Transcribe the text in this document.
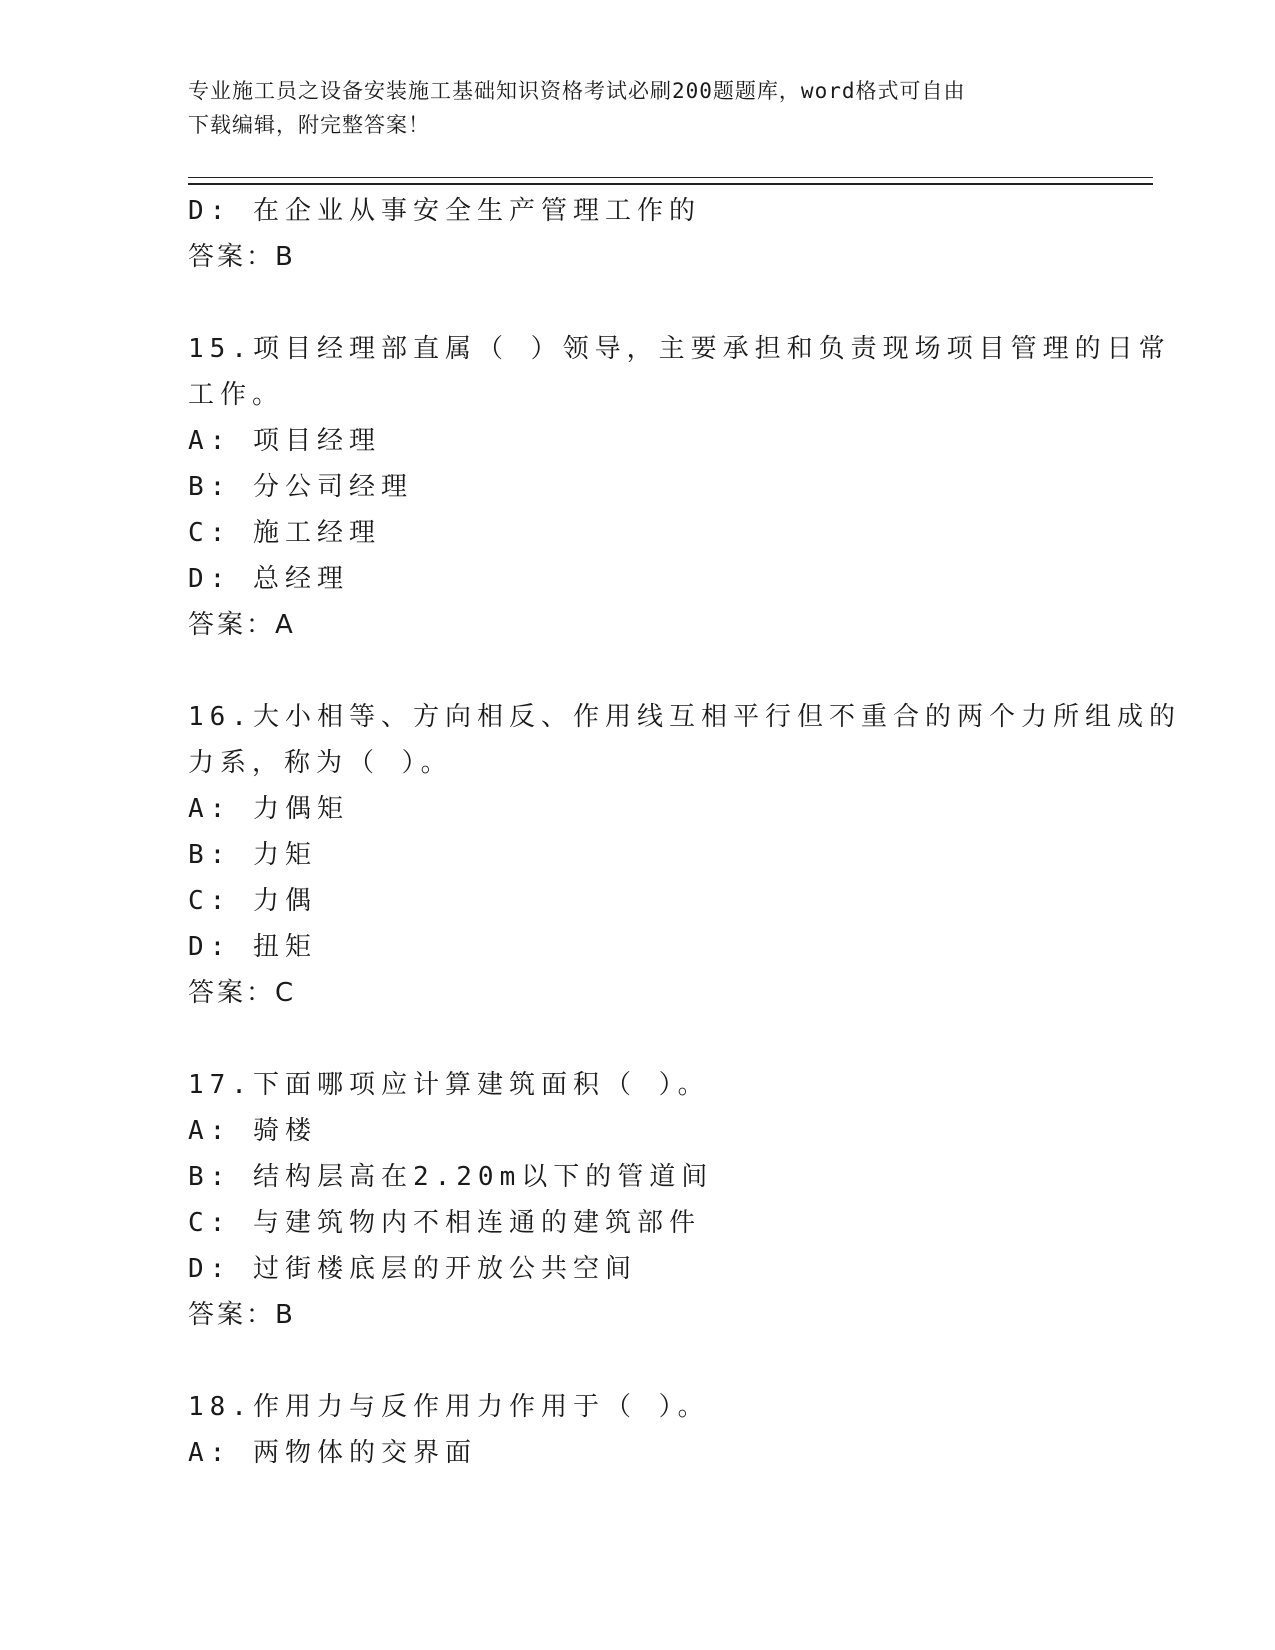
专业施工员之设备安装施工基础知识资格考试必刷200题题库，word格式可自由
下载编辑，附完整答案！
D: 在企业从事安全生产管理工作的
答案：B
15.项目经理部直属（ ）领导，主要承担和负责现场项目管理的日常
工作。
A: 项目经理
B: 分公司经理
C: 施工经理
D: 总经理
答案：A
16.大小相等、方向相反、作用线互相平行但不重合的两个力所组成的
力系，称为（ ）。
A: 力偶矩
B: 力矩
C: 力偶
D: 扭矩
答案：C
17.下面哪项应计算建筑面积（ ）。
A: 骑楼
B: 结构层高在2.20m以下的管道间
C: 与建筑物内不相连通的建筑部件
D: 过街楼底层的开放公共空间
答案：B
18.作用力与反作用力作用于（ ）。
A: 两物体的交界面
